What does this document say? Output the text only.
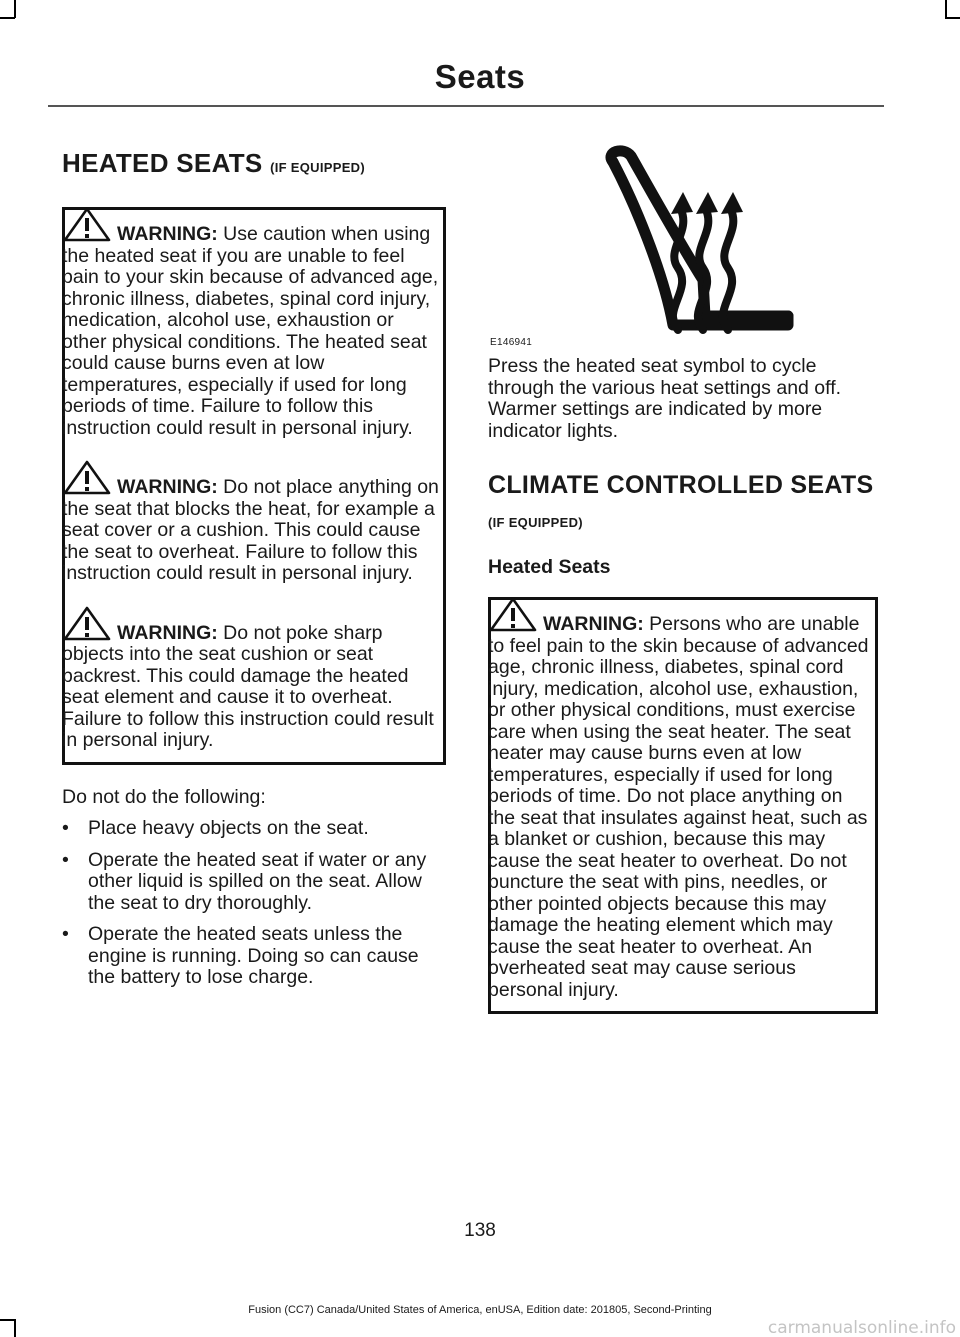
Seats
HEATED SEATS (IF EQUIPPED)
WARNING: Use caution when using the heated seat if you are unable to feel pain to your skin because of advanced age, chronic illness, diabetes, spinal cord injury, medication, alcohol use, exhaustion or other physical conditions. The heated seat could cause burns even at low temperatures, especially if used for long periods of time. Failure to follow this instruction could result in personal injury.
WARNING: Do not place anything on the seat that blocks the heat, for example a seat cover or a cushion. This could cause the seat to overheat. Failure to follow this instruction could result in personal injury.
WARNING: Do not poke sharp objects into the seat cushion or seat backrest. This could damage the heated seat element and cause it to overheat. Failure to follow this instruction could result in personal injury.
Do not do the following:
• Place heavy objects on the seat.
• Operate the heated seat if water or any other liquid is spilled on the seat. Allow the seat to dry thoroughly.
• Operate the heated seats unless the engine is running. Doing so can cause the battery to lose charge.
E146941
Press the heated seat symbol to cycle through the various heat settings and off. Warmer settings are indicated by more indicator lights.
CLIMATE CONTROLLED SEATS
(IF EQUIPPED)
Heated Seats
WARNING: Persons who are unable to feel pain to the skin because of advanced age, chronic illness, diabetes, spinal cord injury, medication, alcohol use, exhaustion, or other physical conditions, must exercise care when using the seat heater. The seat heater may cause burns even at low temperatures, especially if used for long periods of time. Do not place anything on the seat that insulates against heat, such as a blanket or cushion, because this may cause the seat heater to overheat. Do not puncture the seat with pins, needles, or other pointed objects because this may damage the heating element which may cause the seat heater to overheat. An overheated seat may cause serious personal injury.
138
Fusion (CC7) Canada/United States of America, enUSA, Edition date: 201805, Second-Printing
carmanualsonline.info
